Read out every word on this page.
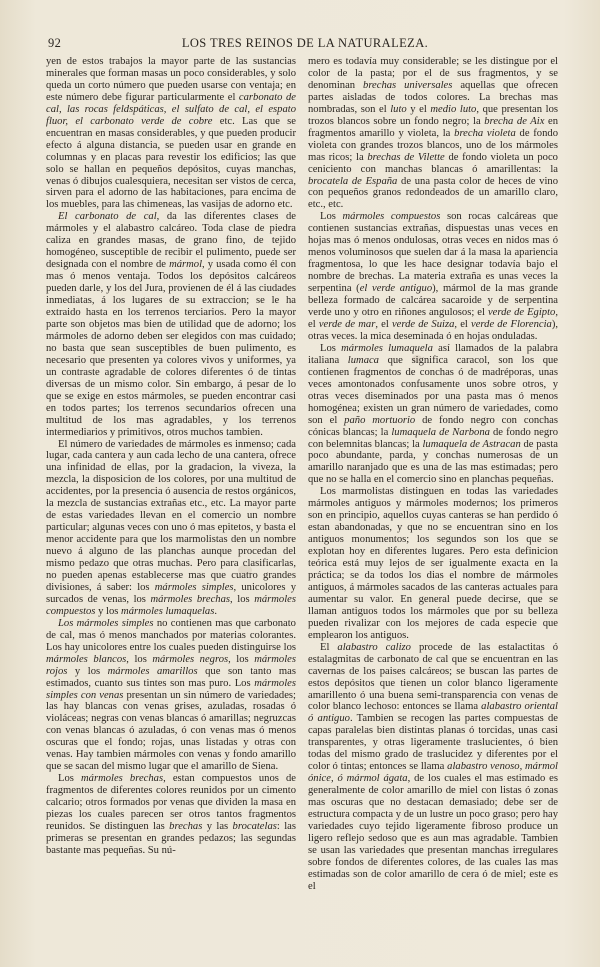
92	LOS TRES REINOS DE LA NATURALEZA.

yen de estos trabajos la mayor parte de las sustancias minerales que forman masas un poco considerables, y solo queda un corto número que pueden usarse con ventaja; en este número debe figurar particularmente el carbonato de cal, las rocas feldspáticas, el sulfato de cal, el espato fluor, el carbonato verde de cobre etc. Las que se encuentran en masas considerables, y que pueden producir efecto á alguna distancia, se pueden usar en grande en columnas y en placas para revestir los edificios; las que solo se hallan en pequeños depósitos, cuyas manchas, venas ó dibujos cualesquiera, necesitan ser vistos de cerca, sirven para el adorno de las habitaciones, para encima de los muebles, para las chimeneas, las vasijas de adorno etc.

El carbonato de cal, da las diferentes clases de mármoles y el alabastro calcáreo. Toda clase de piedra caliza en grandes masas, de grano fino, de tejido homogéneo, susceptible de recibir el pulimento, puede ser designada con el nombre de mármol, y usada como él con mas ó menos ventaja. Todos los depósitos calcáreos pueden darle, y los del Jura, provienen de él á las ciudades inmediatas, á los lugares de su extraccion; se le ha extraido hasta en los terrenos terciarios. Pero la mayor parte son objetos mas bien de utilidad que de adorno; los mármoles de adorno deben ser elegidos con mas cuidado; no basta que sean susceptibles de buen pulimento, es necesario que presenten ya colores vivos y uniformes, ya un contraste agradable de colores diferentes ó de tintas diversas de un mismo color. Sin embargo, á pesar de lo que se exige en estos mármoles, se pueden encontrar casi en todos partes; los terrenos secundarios ofrecen una multitud de los mas agradables, y los terrenos intermediarios y primitivos, otros muchos tambien.

El número de variedades de mármoles es inmenso; cada lugar, cada cantera y aun cada lecho de una cantera, ofrece una infinidad de ellas, por la gradacion, la viveza, la mezcla, la disposicion de los colores, por una multitud de accidentes, por la presencia ó ausencia de restos orgánicos, la mezcla de sustancias extrañas etc., etc. La mayor parte de estas variedades llevan en el comercio un nombre particular; algunas veces con uno ó mas epitetos, y basta el menor accidente para que los marmolistas den un nombre nuevo á alguno de las planchas aunque procedan del mismo pedazo que otras muchas. Pero para clasificarlas, no pueden apenas establecerse mas que cuatro grandes divisiones, á saber: los mármoles simples, unicolores y surcados de venas, los mármoles brechas, los mármoles compuestos y los mármoles lumaquelas.

Los mármoles simples no contienen mas que carbonato de cal, mas ó menos manchados por materias colorantes. Los hay unicolores entre los cuales pueden distinguirse los mármoles blancos, los mármoles negros, los mármoles rojos y los mármoles amarillos que son tanto mas estimados, cuanto sus tintes son mas puro. Los mármoles simples con venas presentan un sin número de variedades; las hay blancas con venas grises, azuladas, rosadas ó violáceas; negras con venas blancas ó amarillas; negruzcas con venas blancas ó azuladas, ó con venas mas ó menos oscuras que el fondo; rojas, unas listadas y otras con venas. Hay tambien mármoles con venas y fondo amarillo que se sacan del mismo lugar que el amarillo de Siena.

Los mármoles brechas, estan compuestos unos de fragmentos de diferentes colores reunidos por un cimento calcario; otros formados por venas que dividen la masa en piezas los cuales parecen ser otros tantos fragmentos reunidos. Se distinguen las brechas y las brocatelas: las primeras se presentan en grandes pedazos; las segundas bastante mas pequeñas. Su nú-

mero es todavía muy considerable; se les distingue por el color de la pasta; por el de sus fragmentos, y se denominan brechas universales aquellas que ofrecen partes aisladas de todos colores. La brechas mas nombradas, son el luto y el medio luto, que presentan los trozos blancos sobre un fondo negro; la brecha de Aix en fragmentos amarillo y violeta, la brecha violeta de fondo violeta con grandes trozos blancos, uno de los mármoles mas ricos; la brechas de Vilette de fondo violeta un poco ceniciento con manchas blancas ó amarillentas: la brocatela de España de una pasta color de heces de vino con pequeños granos redondeados de un amarillo claro, etc., etc.

Los mármoles compuestos son rocas calcáreas que contienen sustancias extrañas, dispuestas unas veces en hojas mas ó menos ondulosas, otras veces en nidos mas ó menos voluminosos que suelen dar á la masa la apariencia fragmentosa, lo que les hace designar todavía bajo el nombre de brechas. La materia extraña es unas veces la serpentina (el verde antiguo), mármol de la mas grande belleza formado de calcárea sacaroide y de serpentina verde uno y otro en riñones angulosos; el verde de Egipto, el verde de mar, el verde de Suiza, el verde de Florencia), otras veces. la mica deseminada ó en hojas onduladas.

Los mármoles lumaquela así llamados de la palabra italiana lumaca que significa caracol, son los que contienen fragmentos de conchas ó de madréporas, unas veces amontonados confusamente unos sobre otros, y otras veces diseminados por una pasta mas ó menos homogénea; existen un gran número de variedades, como son el paño mortuorio de fondo negro con conchas cónicas blancas; la lumaquela de Narbona de fondo negro con belemnitas blancas; la lumaquela de Astracan de pasta poco abundante, parda, y conchas numerosas de un amarillo naranjado que es una de las mas estimadas; pero que no se halla en el comercio sino en planchas pequeñas.

Los marmolistas distinguen en todas las variedades mármoles antiguos y mármoles modernos; los primeros son en principio, aquellos cuyas canteras se han perdido ó estan abandonadas, y que no se encuentran sino en los antiguos monumentos; los segundos son los que se explotan hoy en diferentes lugares. Pero esta definicion teórica está muy lejos de ser igualmente exacta en la práctica; se da todos los dias el nombre de mármoles antiguos, á mármoles sacados de las canteras actuales para aumentar su valor. En general puede decirse, que se llaman antiguos todos los mármoles que por su belleza pueden rivalizar con los mejores de cada especie que emplearon los antiguos.

El alabastro calizo procede de las estalactitas ó estalagmitas de carbonato de cal que se encuentran en las cavernas de los paises calcáreos; se buscan las partes de estos depósitos que tienen un color blanco ligeramente amarillento ó una buena semi-transparencia con venas de color blanco lechoso: entonces se llama alabastro oriental ó antiguo. Tambien se recogen las partes compuestas de capas paralelas bien distintas planas ó torcidas, unas casi transparentes, y otras ligeramente traslucientes, ó bien todas del mismo grado de traslucidez y diferentes por el color ó tintas; entonces se llama alabastro venoso, mármol ónice, ó mármol ágata, de los cuales el mas estimado es generalmente de color amarillo de miel con listas ó zonas mas oscuras que no destacan demasiado; debe ser de estructura compacta y de un lustre un poco graso; pero hay variedades cuyo tejido ligeramente fibroso produce un ligero reflejo sedoso que es aun mas agradable. Tambien se usan las variedades que presentan manchas irregulares sobre fondos de diferentes colores, de las cuales las mas estimadas son de color amarillo de cera ó de miel; este es el
